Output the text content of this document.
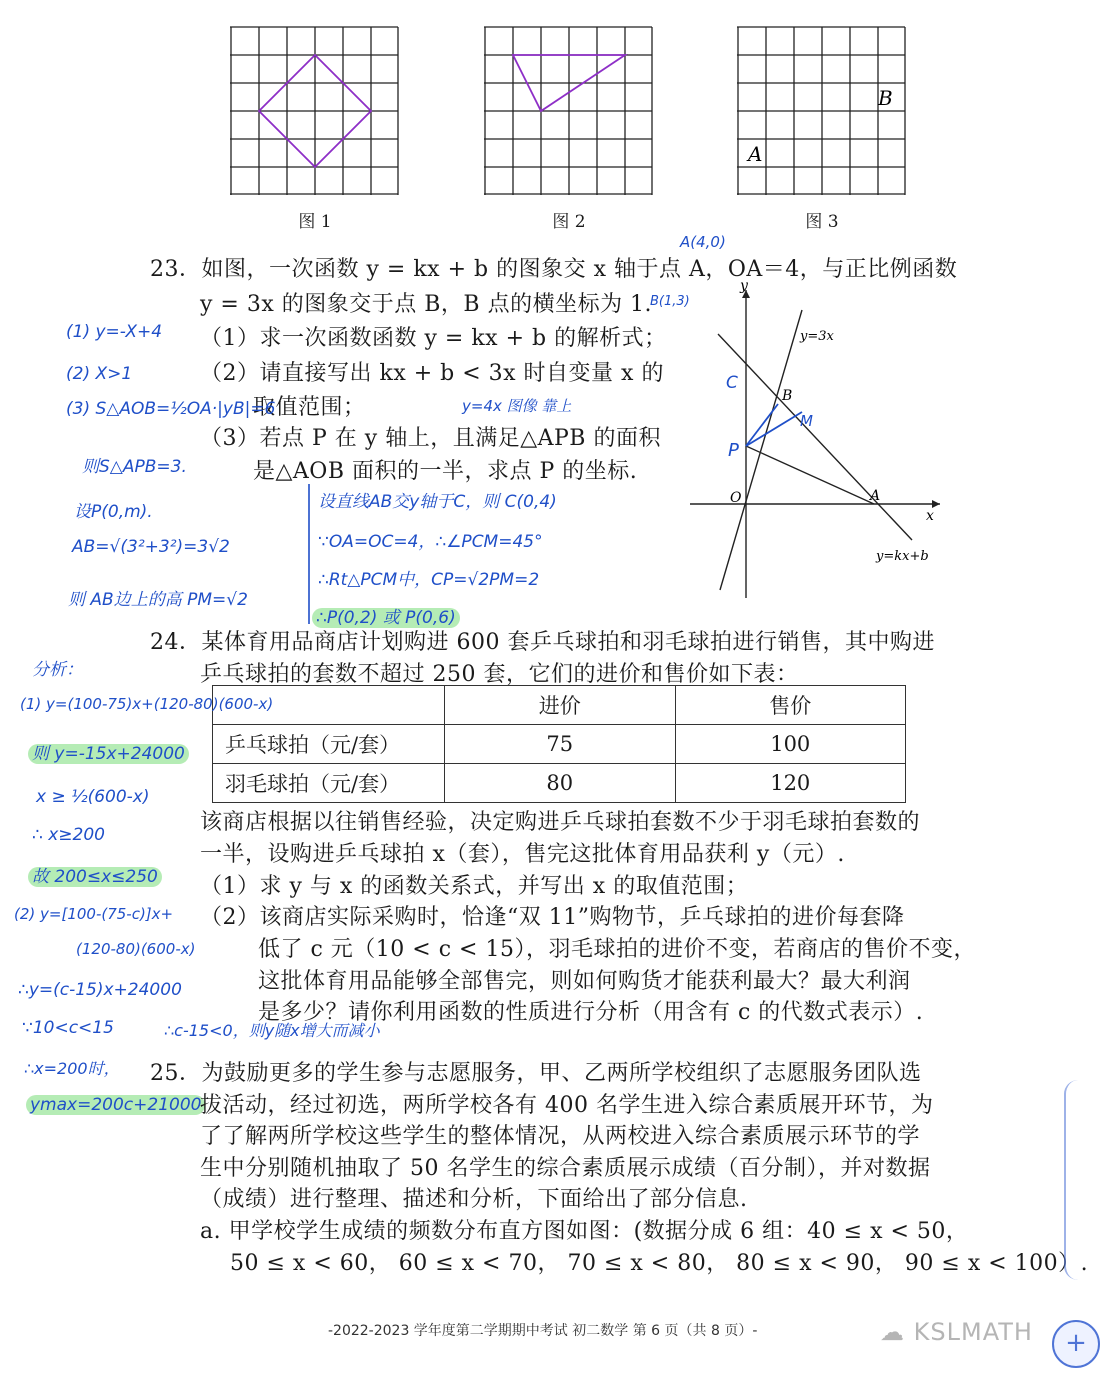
图 1	图 2
A
B
图 3
23．如图，一次函数 y = kx + b 的图象交 x 轴于点 A，OA＝4，与正比例函数
y = 3x 的图象交于点 B，B 点的横坐标为 1.
（1）求一次函数函数 y = kx + b 的解析式；
（2）请直接写出 kx + b < 3x 时自变量 x 的
取值范围；
（3）若点 P 在 y 轴上，且满足△APB 的面积
是△AOB 面积的一半，求点 P 的坐标.
y
x
O
y=3x
y=kx+b
A
B
C
P
M
A(4,0)
B(1,3)
(1) y=-X+4
(2) X>1
(3) S△AOB=½OA·|yB|=6
则S△APB=3.
设P(0,m).
AB=√(3²+3²)=3√2
则 AB边上的高 PM=√2
y=4x 图像 靠上
设直线AB交y轴于C，则 C(0,4)
∵OA=OC=4，∴∠PCM=45°
∴Rt△PCM中，CP=√2PM=2
∴P(0,2) 或 P(0,6)
24．某体育用品商店计划购进 600 套乒乓球拍和羽毛球拍进行销售，其中购进
乒乓球拍的套数不超过 250 套，它们的进价和售价如下表：
	进价	售价
乒乓球拍（元/套）	75	100
羽毛球拍（元/套）	80	120
该商店根据以往销售经验，决定购进乒乓球拍套数不少于羽毛球拍套数的
一半，设购进乒乓球拍 x（套），售完这批体育用品获利 y（元）.
（1）求 y 与 x 的函数关系式，并写出 x 的取值范围；
（2）该商店实际采购时，恰逢“双 11”购物节，乒乓球拍的进价每套降
低了 c 元（10 < c < 15），羽毛球拍的进价不变，若商店的售价不变，
这批体育用品能够全部售完，则如何购货才能获利最大？最大利润
是多少？请你利用函数的性质进行分析（用含有 c 的代数式表示）.
分析：
(1) y=(100-75)x+(120-80)(600-x)
则 y=-15x+24000
x ≥ ½(600-x)
∴ x≥200
故 200≤x≤250
(2) y=[100-(75-c)]x+
(120-80)(600-x)
∴y=(c-15)x+24000
∵10<c<15	∴c-15<0，则y随x增大而减小
∴x=200时，
ymax=200c+21000
25．为鼓励更多的学生参与志愿服务，甲、乙两所学校组织了志愿服务团队选
拔活动，经过初选，两所学校各有 400 名学生进入综合素质展开环节，为
了了解两所学校这些学生的整体情况，从两校进入综合素质展示环节的学
生中分别随机抽取了 50 名学生的综合素质展示成绩（百分制），并对数据
（成绩）进行整理、描述和分析，下面给出了部分信息.
a. 甲学校学生成绩的频数分布直方图如图：(数据分成 6 组：40 ≤ x < 50，
50 ≤ x < 60， 60 ≤ x < 70， 70 ≤ x < 80， 80 ≤ x < 90， 90 ≤ x < 100）.
-2022-2023 学年度第二学期期中考试 初二数学 第 6 页（共 8 页）-	☁ KSLMATH	+
